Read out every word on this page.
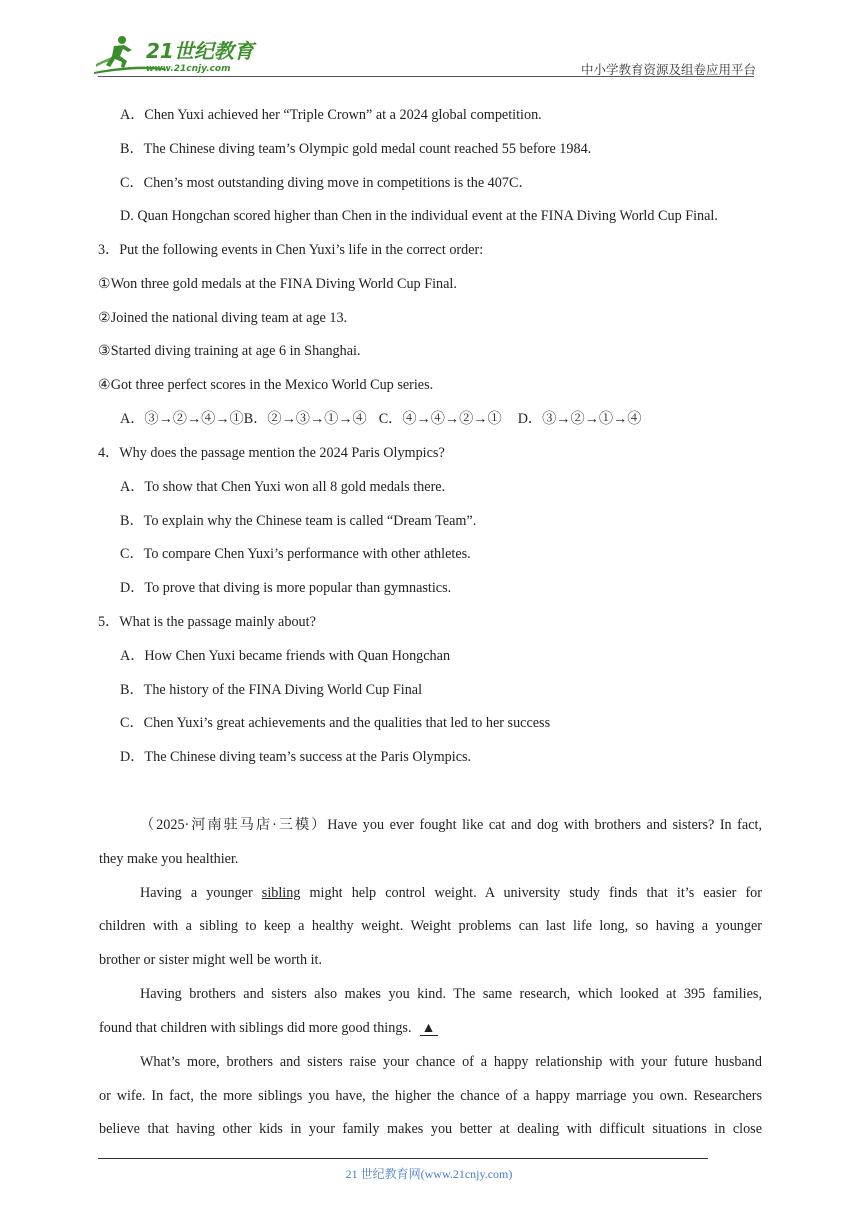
21世纪教育
www.21cnjy.com	中小学教育资源及组卷应用平台
A．Chen Yuxi achieved her “Triple Crown” at a 2024 global competition.
B．The Chinese diving team’s Olympic gold medal count reached 55 before 1984.
C．Chen’s most outstanding diving move in competitions is the 407C．
D. Quan Hongchan scored higher than Chen in the individual event at the FINA Diving World Cup Final.
3．Put the following events in Chen Yuxi’s life in the correct order:
①Won three gold medals at the FINA Diving World Cup Final.
②Joined the national diving team at age 13.
③Started diving training at age 6 in Shanghai.
④Got three perfect scores in the Mexico World Cup series.
A．③→②→④→①B．②→③→①→④ C．④→④→②→① D．③→②→①→④
4．Why does the passage mention the 2024 Paris Olympics?
A．To show that Chen Yuxi won all 8 gold medals there.
B．To explain why the Chinese team is called “Dream Team”.
C．To compare Chen Yuxi’s performance with other athletes.
D．To prove that diving is more popular than gymnastics.
5．What is the passage mainly about?
A．How Chen Yuxi became friends with Quan Hongchan
B．The history of the FINA Diving World Cup Final
C．Chen Yuxi’s great achievements and the qualities that led to her success
D．The Chinese diving team’s success at the Paris Olympics.
（2025·河南驻马店·三模）Have you ever fought like cat and dog with brothers and sisters? In fact,
they make you healthier.
Having a younger sibling might help control weight. A university study finds that it’s easier for
children with a sibling to keep a healthy weight. Weight problems can last life long, so having a younger
brother or sister might well be worth it.
Having brothers and sisters also makes you kind. The same research, which looked at 395 families,
found that children with siblings did more good things. ▲
What’s more, brothers and sisters raise your chance of a happy relationship with your future husband
or wife. In fact, the more siblings you have, the higher the chance of a happy marriage you own. Researchers
believe that having other kids in your family makes you better at dealing with difficult situations in close
21 世纪教育网(www.21cnjy.com)
